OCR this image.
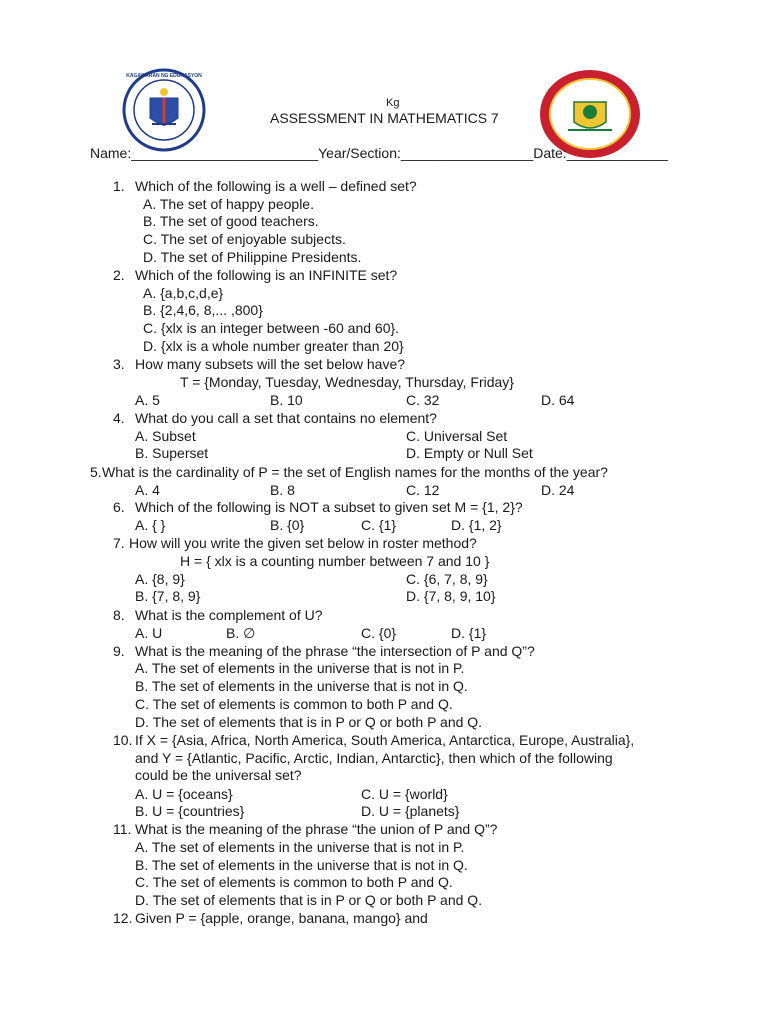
KAGAWARAN NG EDUKASYON
Kg
ASSESSMENT IN MATHEMATICS 7
Name:________________________Year/Section:_________________Date:_____________
1. Which of the following is a well – defined set?
A. The set of happy people.
B. The set of good teachers.
C. The set of enjoyable subjects.
D. The set of Philippine Presidents.
2. Which of the following is an INFINITE set?
A. {a,b,c,d,e}
B. {2,4,6, 8,... ,800}
C. {xlx is an integer between -60 and 60}.
D. {xlx is a whole number greater than 20}
3. How many subsets will the set below have?
T = {Monday, Tuesday, Wednesday, Thursday, Friday}
A. 5	B. 10	C. 32	D. 64
4. What do you call a set that contains no element?
A. Subset	C. Universal Set
B. Superset	D. Empty or Null Set
5. What is the cardinality of P = the set of English names for the months of the year?
A. 4	B. 8	C. 12	D. 24
6. Which of the following is NOT a subset to given set M = {1, 2}?
A. { }	B. {0}	C. {1}	D. {1, 2}
7. How will you write the given set below in roster method?
H = { xlx is a counting number between 7 and 10 }
A. {8, 9}	C. {6, 7, 8, 9}
B. {7, 8, 9}	D. {7, 8, 9, 10}
8. What is the complement of U?
A. U	B. ∅	C. {0}	D. {1}
9. What is the meaning of the phrase “the intersection of P and Q”?
A. The set of elements in the universe that is not in P.
B. The set of elements in the universe that is not in Q.
C. The set of elements is common to both P and Q.
D. The set of elements that is in P or Q or both P and Q.
10. If X = {Asia, Africa, North America, South America, Antarctica, Europe, Australia},
and Y = {Atlantic, Pacific, Arctic, Indian, Antarctic}, then which of the following
could be the universal set?
A. U = {oceans}	C. U = {world}
B. U = {countries}	D. U = {planets}
11. What is the meaning of the phrase “the union of P and Q”?
A. The set of elements in the universe that is not in P.
B. The set of elements in the universe that is not in Q.
C. The set of elements is common to both P and Q.
D. The set of elements that is in P or Q or both P and Q.
12. Given P = {apple, orange, banana, mango} and
